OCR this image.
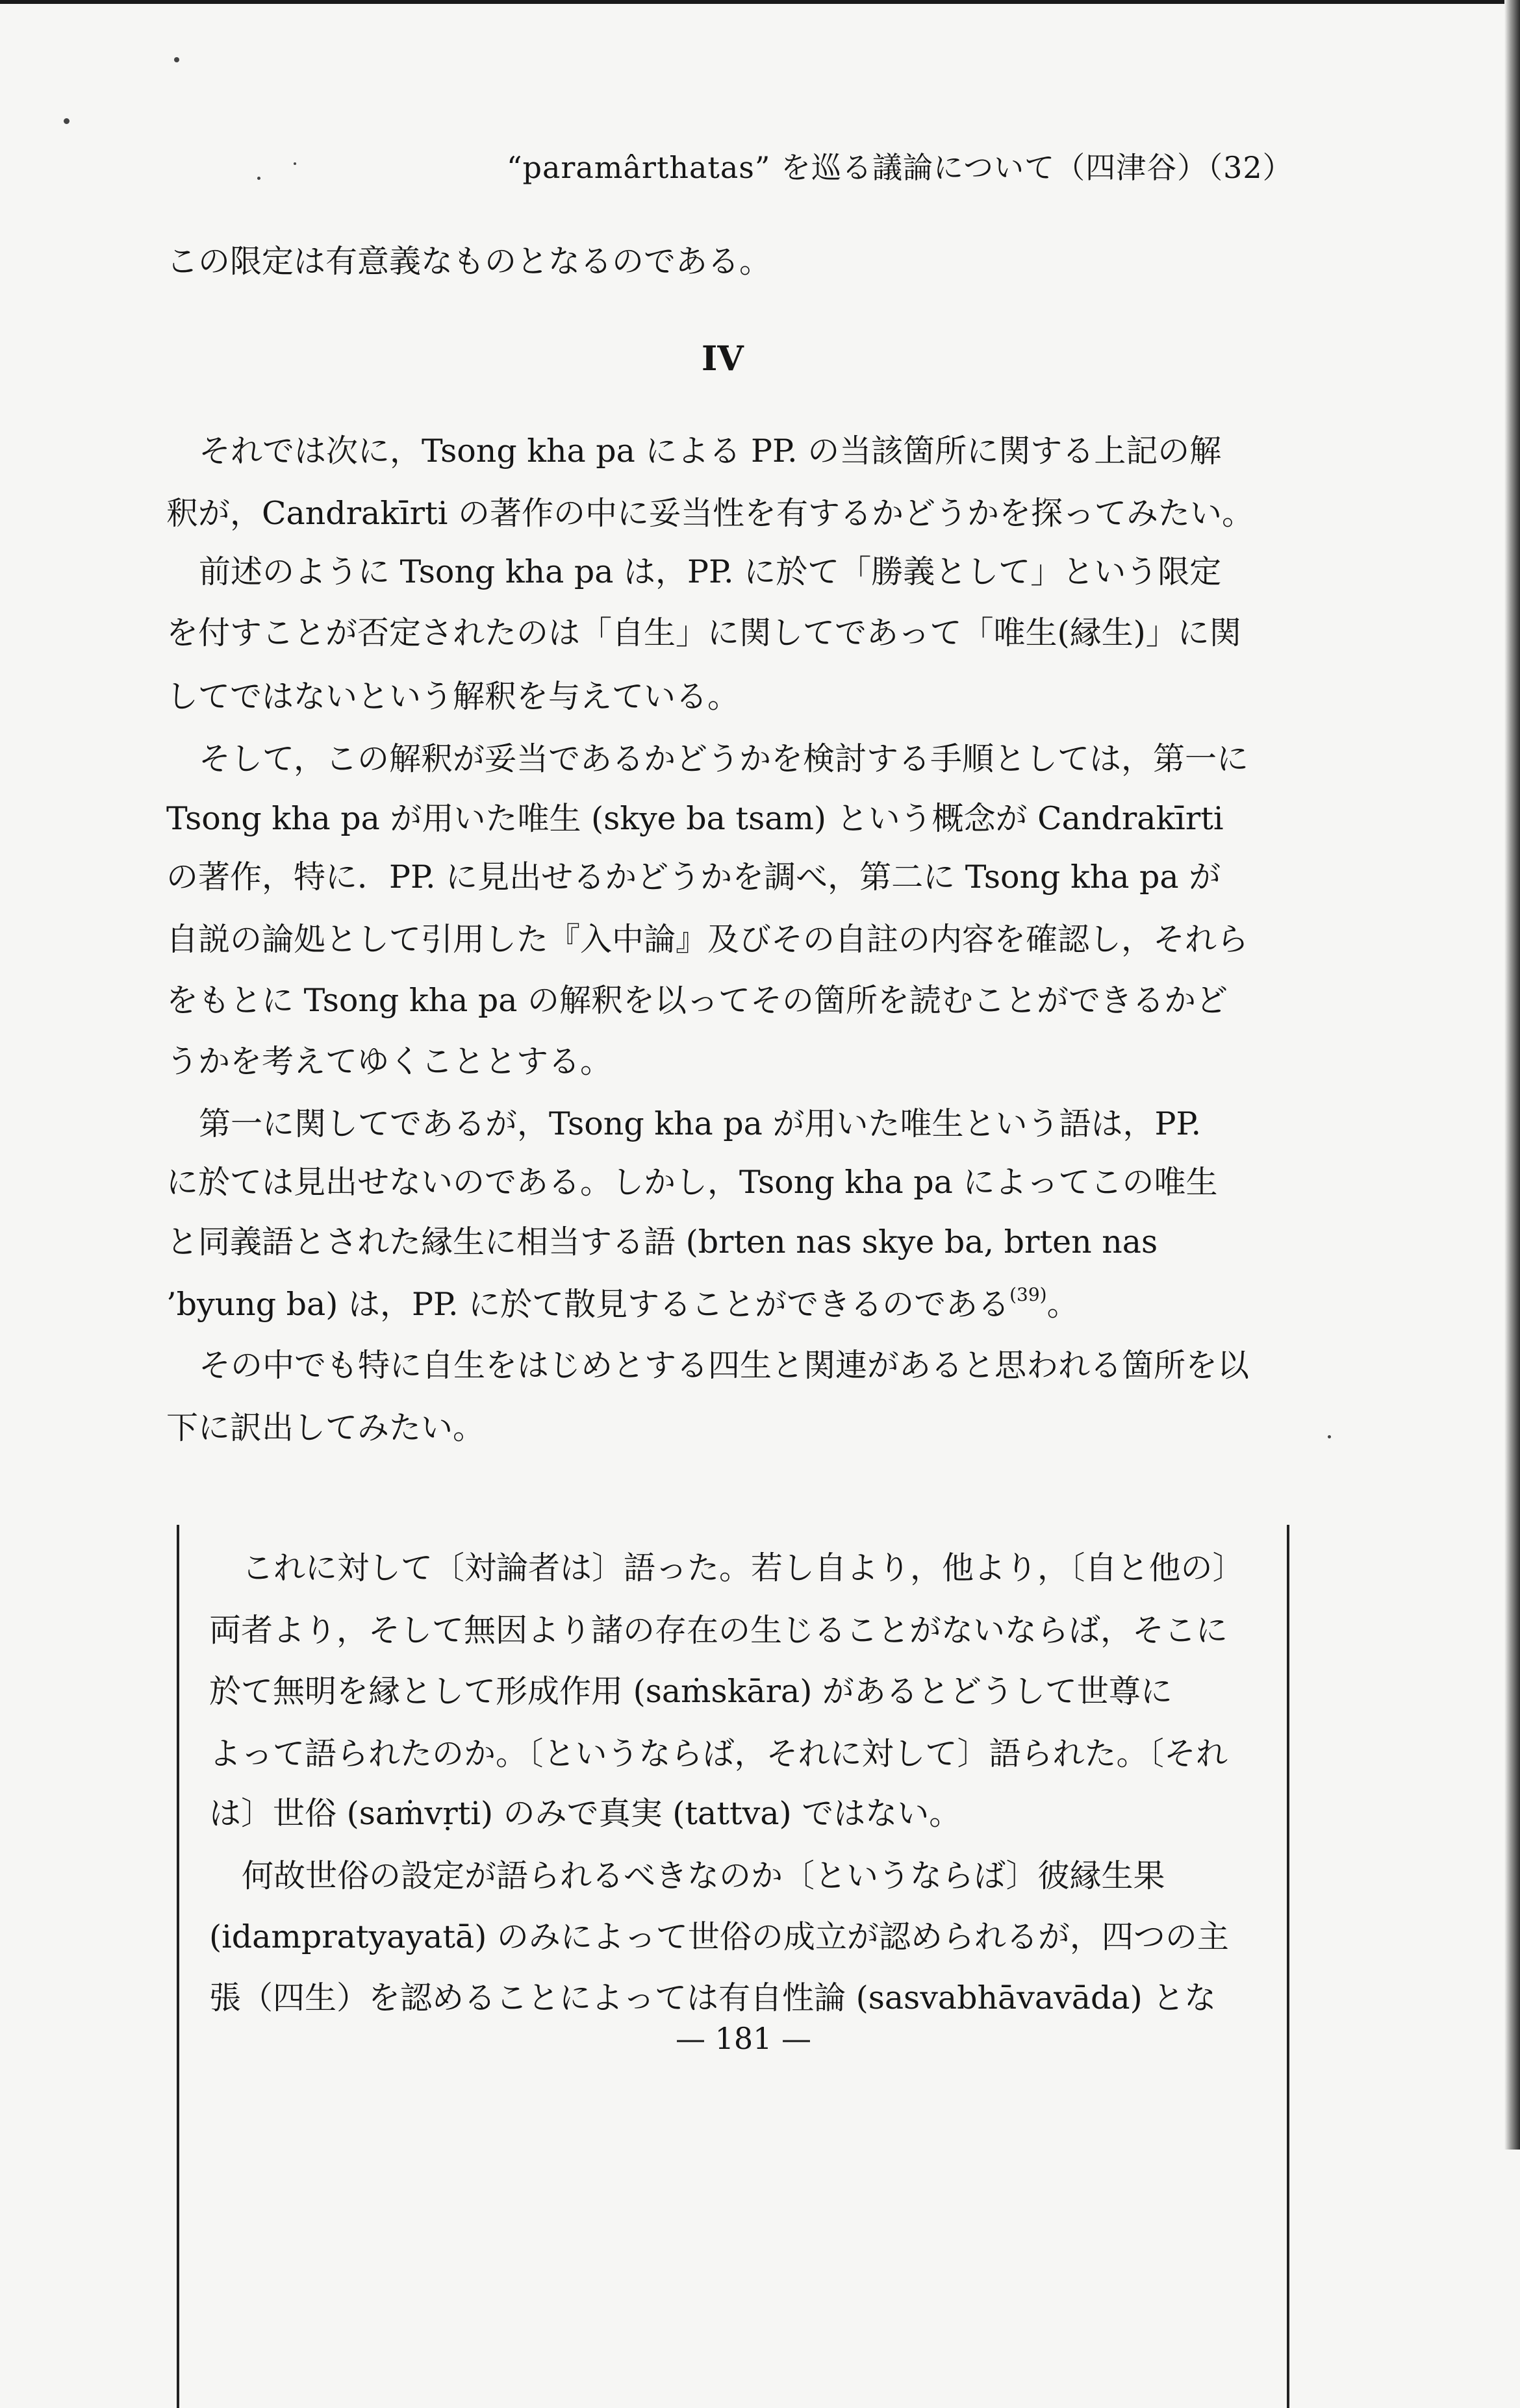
“paramârthatas” を巡る議論について（四津谷）（32）
この限定は有意義なものとなるのである。
IV
それでは次に，Tsong kha pa による PP. の当該箇所に関する上記の解
釈が，Candrakīrti の著作の中に妥当性を有するかどうかを探ってみたい。
前述のように Tsong kha pa は，PP. に於て「勝義として」という限定
を付すことが否定されたのは「自生」に関してであって「唯生(縁生)」に関
してではないという解釈を与えている。
そして，この解釈が妥当であるかどうかを検討する手順としては，第一に
Tsong kha pa が用いた唯生 (skye ba tsam) という概念が Candrakīrti
の著作，特に．PP. に見出せるかどうかを調べ，第二に Tsong kha pa が
自説の論処として引用した『入中論』及びその自註の内容を確認し，それら
をもとに Tsong kha pa の解釈を以ってその箇所を読むことができるかど
うかを考えてゆくこととする。
第一に関してであるが，Tsong kha pa が用いた唯生という語は，PP.
に於ては見出せないのである。しかし，Tsong kha pa によってこの唯生
と同義語とされた縁生に相当する語 (brten nas skye ba, brten nas
’byung ba) は，PP. に於て散見することができるのである$^{(39)}$。
その中でも特に自生をはじめとする四生と関連があると思われる箇所を以
下に訳出してみたい。
これに対して〔対論者は〕語った。若し自より，他より，〔自と他の〕
両者より，そして無因より諸の存在の生じることがないならば，そこに
於て無明を縁として形成作用 (saṁskāra) があるとどうして世尊に
よって語られたのか。〔というならば，それに対して〕語られた。〔それ
は〕世俗 (saṁvṛti) のみで真実 (tattva) ではない。
何故世俗の設定が語られるべきなのか〔というならば〕彼縁生果
(idampratyayatā) のみによって世俗の成立が認められるが，四つの主
張（四生）を認めることによっては有自性論 (sasvabhāvavāda) とな
— 181 —
